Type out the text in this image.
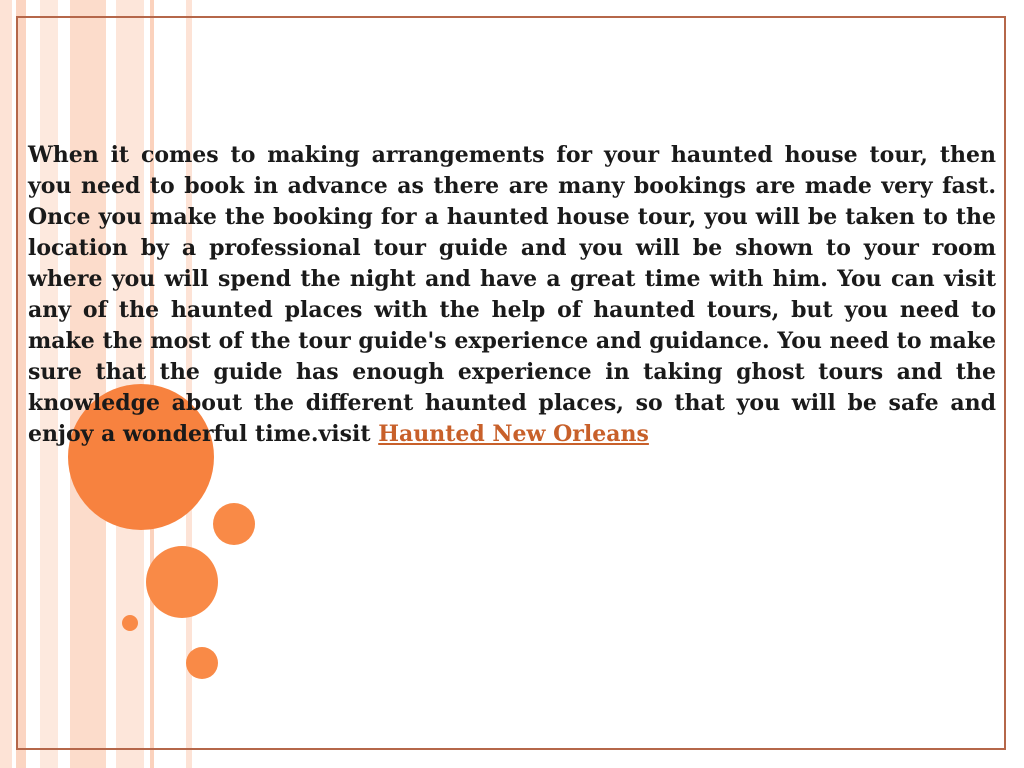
When it comes to making arrangements for your haunted house tour, then you need to book in advance as there are many bookings are made very fast. Once you make the booking for a haunted house tour, you will be taken to the location by a professional tour guide and you will be shown to your room where you will spend the night and have a great time with him. You can visit any of the haunted places with the help of haunted tours, but you need to make the most of the tour guide's experience and guidance. You need to make sure that the guide has enough experience in taking ghost tours and the knowledge about the different haunted places, so that you will be safe and enjoy a wonderful time.visit Haunted New Orleans
